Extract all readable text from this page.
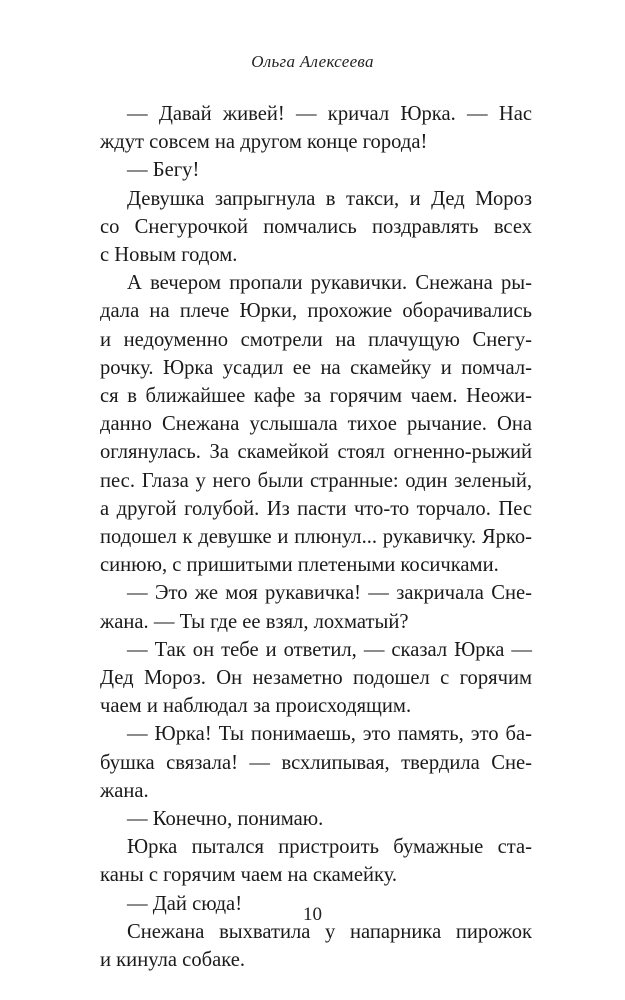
Ольга Алексеева

— Давай живей! — кричал Юрка. — Нас
ждут совсем на другом конце города!

— Бегу!

Девушка запрыгнула в такси, и Дед Мороз
со Снегурочкой помчались поздравлять всех
с Новым годом.

А вечером пропали рукавички. Снежана ры-
дала на плече Юрки, прохожие оборачивались
и недоуменно смотрели на плачущую Снегу-
рочку. Юрка усадил ее на скамейку и помчал-
ся в ближайшее кафе за горячим чаем. Неожи-
данно Снежана услышала тихое рычание. Она
оглянулась. За скамейкой стоял огненно-рыжий
пес. Глаза у него были странные: один зеленый,
а другой голубой. Из пасти что-то торчало. Пес
подошел к девушке и плюнул... рукавичку. Ярко-
синюю, с пришитыми плетеными косичками.

— Это же моя рукавичка! — закричала Сне-
жана. — Ты где ее взял, лохматый?

— Так он тебе и ответил, — сказал Юрка —
Дед Мороз. Он незаметно подошел с горячим
чаем и наблюдал за происходящим.

— Юрка! Ты понимаешь, это память, это ба-
бушка связала! — всхлипывая, твердила Сне-
жана.

— Конечно, понимаю.

Юрка пытался пристроить бумажные ста-
каны с горячим чаем на скамейку.

— Дай сюда!

Снежана выхватила у напарника пирожок
и кинула собаке.

10
